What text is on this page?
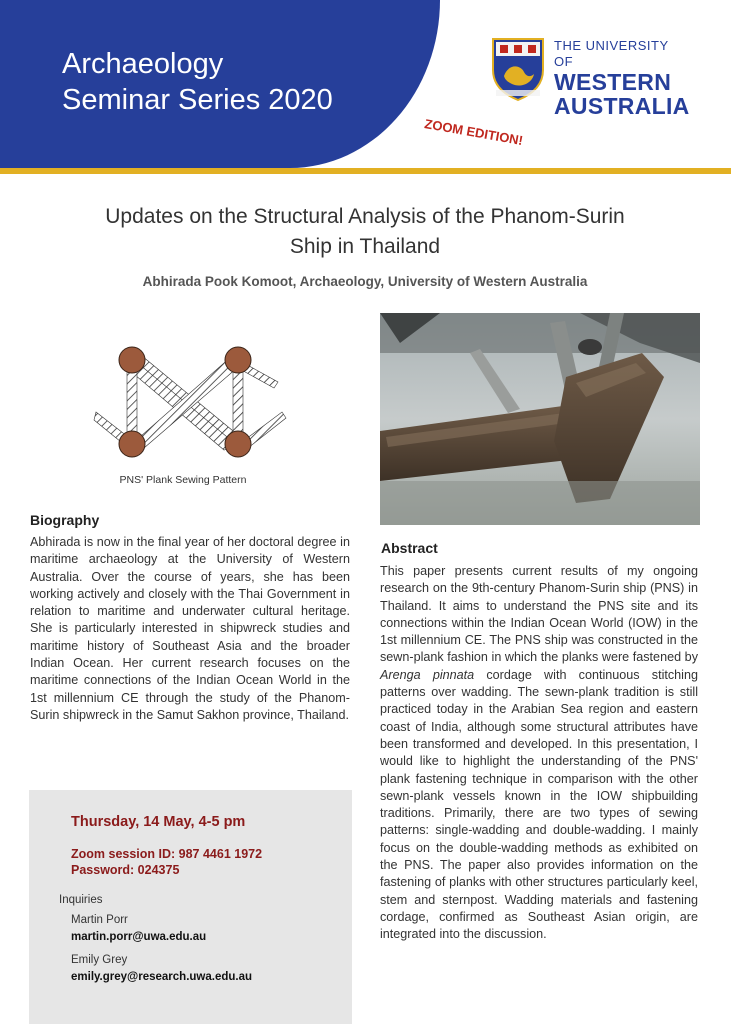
Archaeology
Seminar Series 2020
THE UNIVERSITY OF
WESTERN
AUSTRALIA
ZOOM EDITION!
Updates on the Structural Analysis of the Phanom-Surin
Ship in Thailand
Abhirada Pook Komoot, Archaeology, University of Western Australia
PNS' Plank Sewing Pattern
Biography

Abhirada is now in the final year of her doctoral degree in maritime archaeology at the University of Western Australia. Over the course of years, she has been working actively and closely with the Thai Government in relation to maritime and underwater cultural heritage. She is particularly interested in shipwreck studies and maritime history of Southeast Asia and the broader Indian Ocean. Her current research focuses on the maritime connections of the Indian Ocean World in the 1st millennium CE through the study of the Phanom-Surin shipwreck in the Samut Sakhon province, Thailand.

Abstract

This paper presents current results of my ongoing research on the 9th-century Phanom-Surin ship (PNS) in Thailand. It aims to understand the PNS site and its connections within the Indian Ocean World (IOW) in the 1st millennium CE. The PNS ship was constructed in the sewn-plank fashion in which the planks were fastened by Arenga pinnata cordage with continuous stitching patterns over wadding. The sewn-plank tradition is still practiced today in the Arabian Sea region and eastern coast of India, although some structural attributes have been transformed and developed. In this presentation, I would like to highlight the understanding of the PNS' plank fastening technique in comparison with the other sewn-plank vessels known in the IOW shipbuilding traditions. Primarily, there are two types of sewing patterns: single-wadding and double-wadding. I mainly focus on the double-wadding methods as exhibited on the PNS. The paper also provides information on the fastening of planks with other structures particularly keel, stem and sternpost. Wadding materials and fastening cordage, confirmed as Southeast Asian origin, are integrated into the discussion.

Thursday, 14 May, 4-5 pm
Zoom session ID: 987 4461 1972
Password: 024375
Inquiries
Martin Porr
martin.porr@uwa.edu.au
Emily Grey
emily.grey@research.uwa.edu.au
